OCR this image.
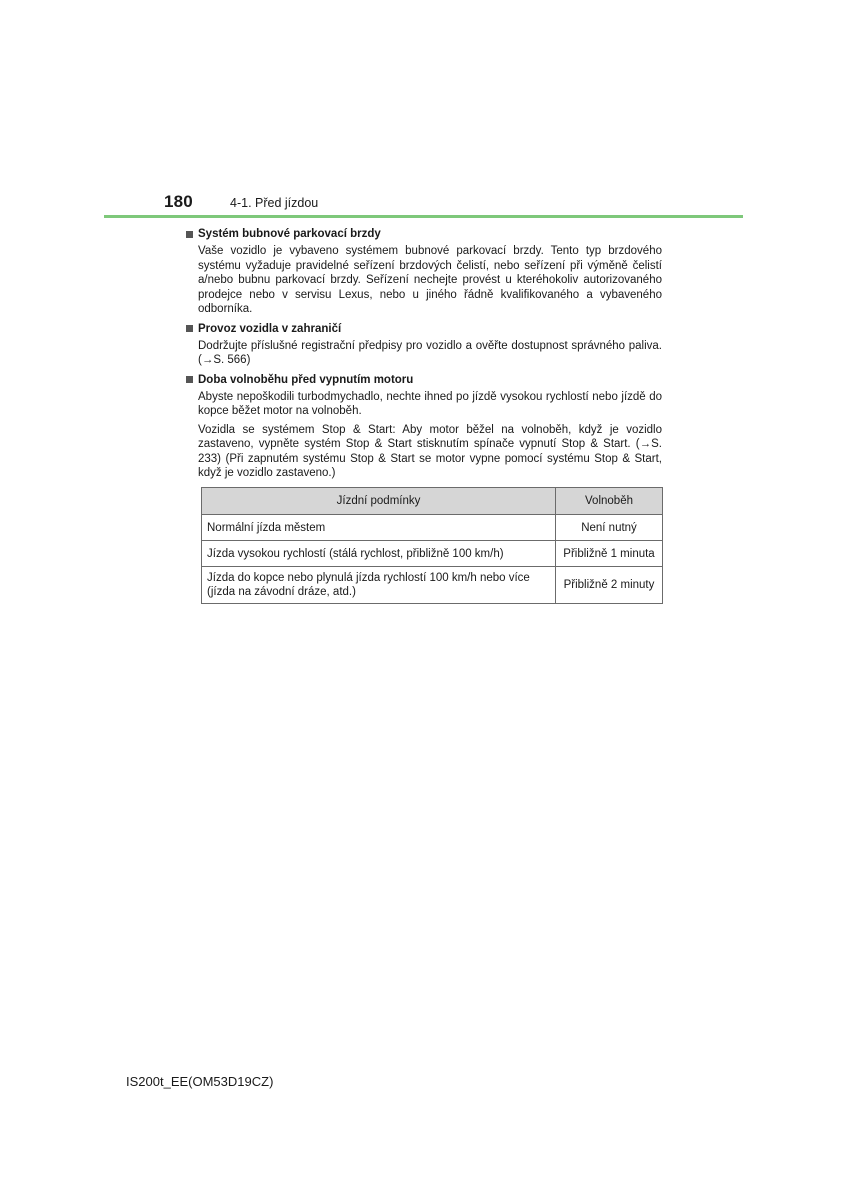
180	4-1. Před jízdou

Systém bubnové parkovací brzdy

Vaše vozidlo je vybaveno systémem bubnové parkovací brzdy. Tento typ brzdového systému vyžaduje pravidelné seřízení brzdových čelistí, nebo seřízení při výměně čelistí a/nebo bubnu parkovací brzdy. Seřízení nechejte provést u kteréhokoliv autorizovaného prodejce nebo v servisu Lexus, nebo u jiného řádně kvalifikovaného a vybaveného odborníka.

Provoz vozidla v zahraničí

Dodržujte příslušné registrační předpisy pro vozidlo a ověřte dostupnost správného paliva. (→S. 566)

Doba volnoběhu před vypnutím motoru

Abyste nepoškodili turbodmychadlo, nechte ihned po jízdě vysokou rychlostí nebo jízdě do kopce běžet motor na volnoběh.

Vozidla se systémem Stop & Start: Aby motor běžel na volnoběh, když je vozidlo zastaveno, vypněte systém Stop & Start stisknutím spínače vypnutí Stop & Start. (→S. 233) (Při zapnutém systému Stop & Start se motor vypne pomocí systému Stop & Start, když je vozidlo zastaveno.)

Jízdní podmínky	Volnoběh
Normální jízda městem	Není nutný
Jízda vysokou rychlostí (stálá rychlost, přibližně 100 km/h)	Přibližně 1 minuta
Jízda do kopce nebo plynulá jízda rychlostí 100 km/h nebo více (jízda na závodní dráze, atd.)	Přibližně 2 minuty
IS200t_EE(OM53D19CZ)
